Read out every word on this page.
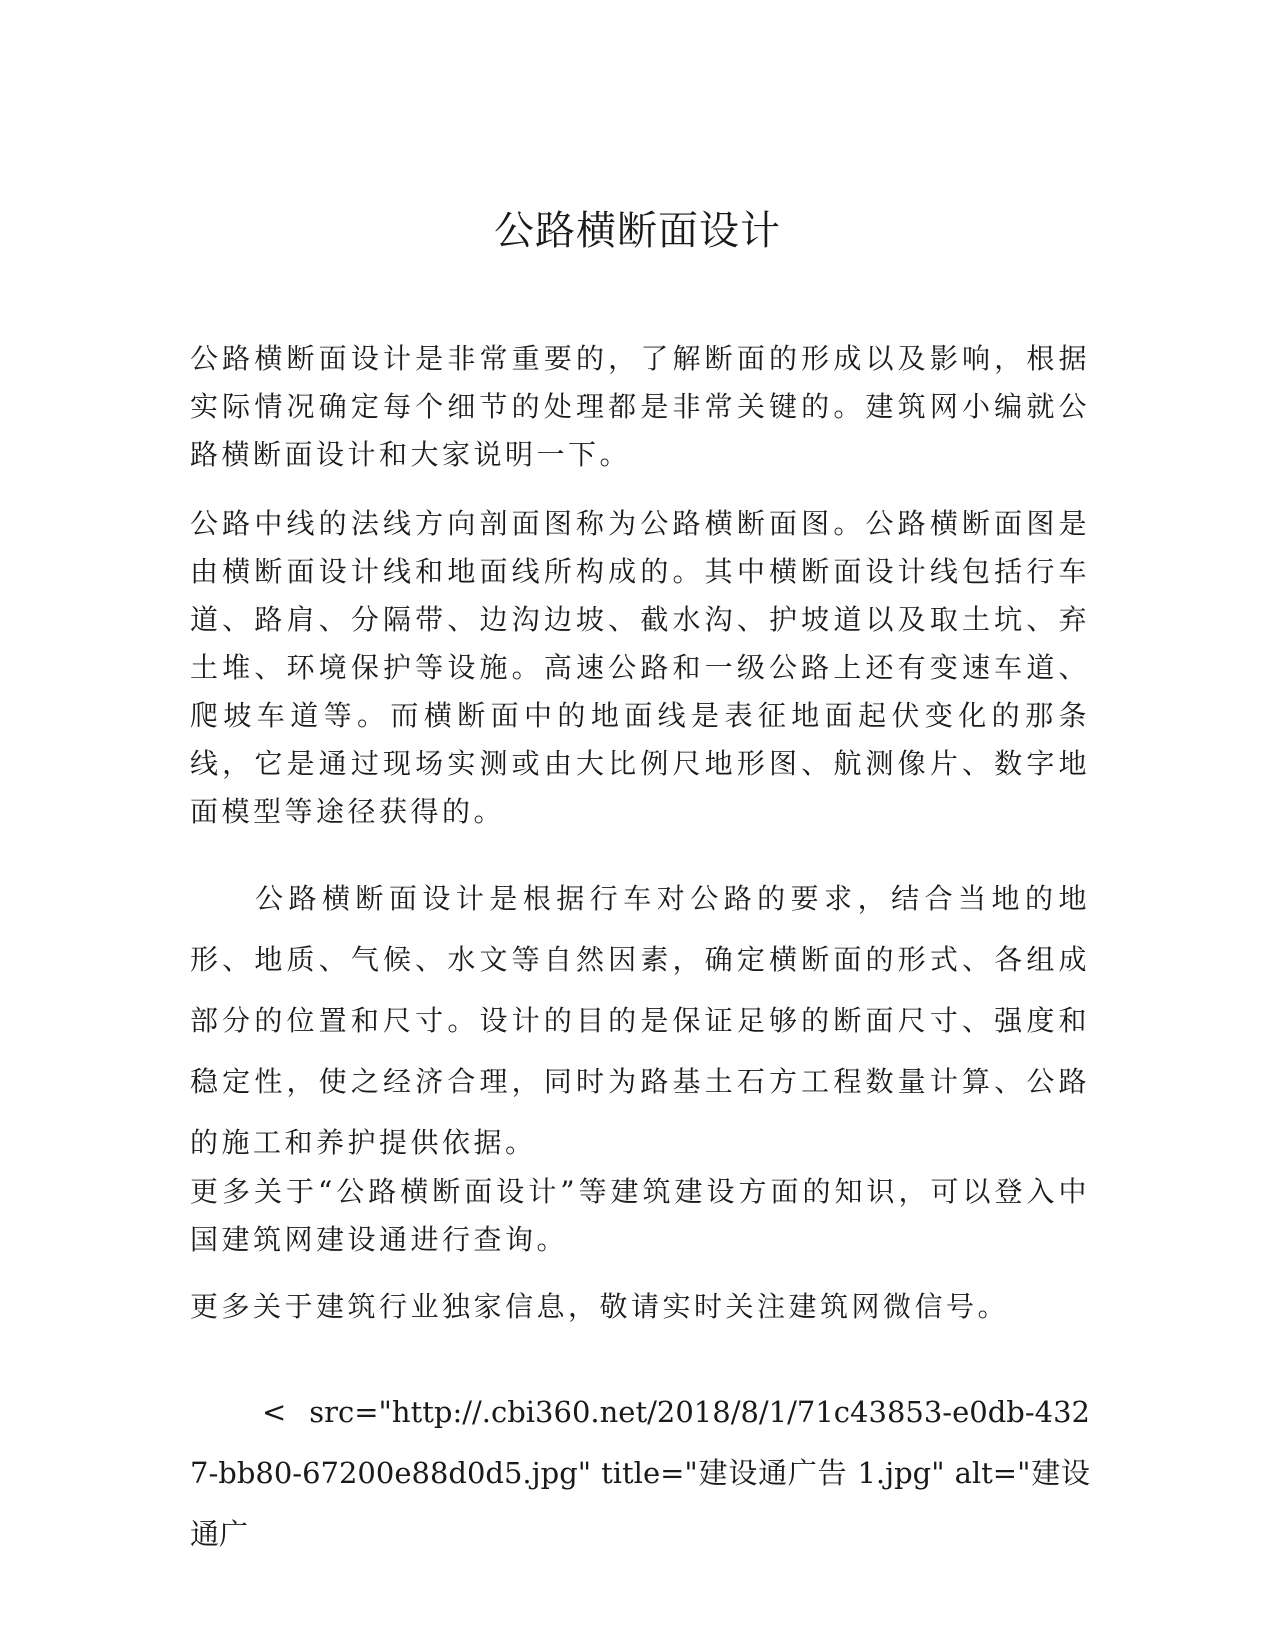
公路横断面设计

公路横断面设计是非常重要的，了解断面的形成以及影响，根据实际情况确定每个细节的处理都是非常关键的。建筑网小编就公路横断面设计和大家说明一下。

公路中线的法线方向剖面图称为公路横断面图。公路横断面图是由横断面设计线和地面线所构成的。其中横断面设计线包括行车道、路肩、分隔带、边沟边坡、截水沟、护坡道以及取土坑、弃土堆、环境保护等设施。高速公路和一级公路上还有变速车道、爬坡车道等。而横断面中的地面线是表征地面起伏变化的那条线，它是通过现场实测或由大比例尺地形图、航测像片、数字地面模型等途径获得的。

公路横断面设计是根据行车对公路的要求，结合当地的地形、地质、气候、水文等自然因素，确定横断面的形式、各组成部分的位置和尺寸。设计的目的是保证足够的断面尺寸、强度和稳定性，使之经济合理，同时为路基土石方工程数量计算、公路的施工和养护提供依据。

更多关于“公路横断面设计”等建筑建设方面的知识，可以登入中国建筑网建设通进行查询。

更多关于建筑行业独家信息，敬请实时关注建筑网微信号。

< src="http://.cbi360.net/2018/8/1/71c43853-e0db-4327-bb80-67200e88d0d5.jpg" title="建设通广告 1.jpg" alt="建设通广
